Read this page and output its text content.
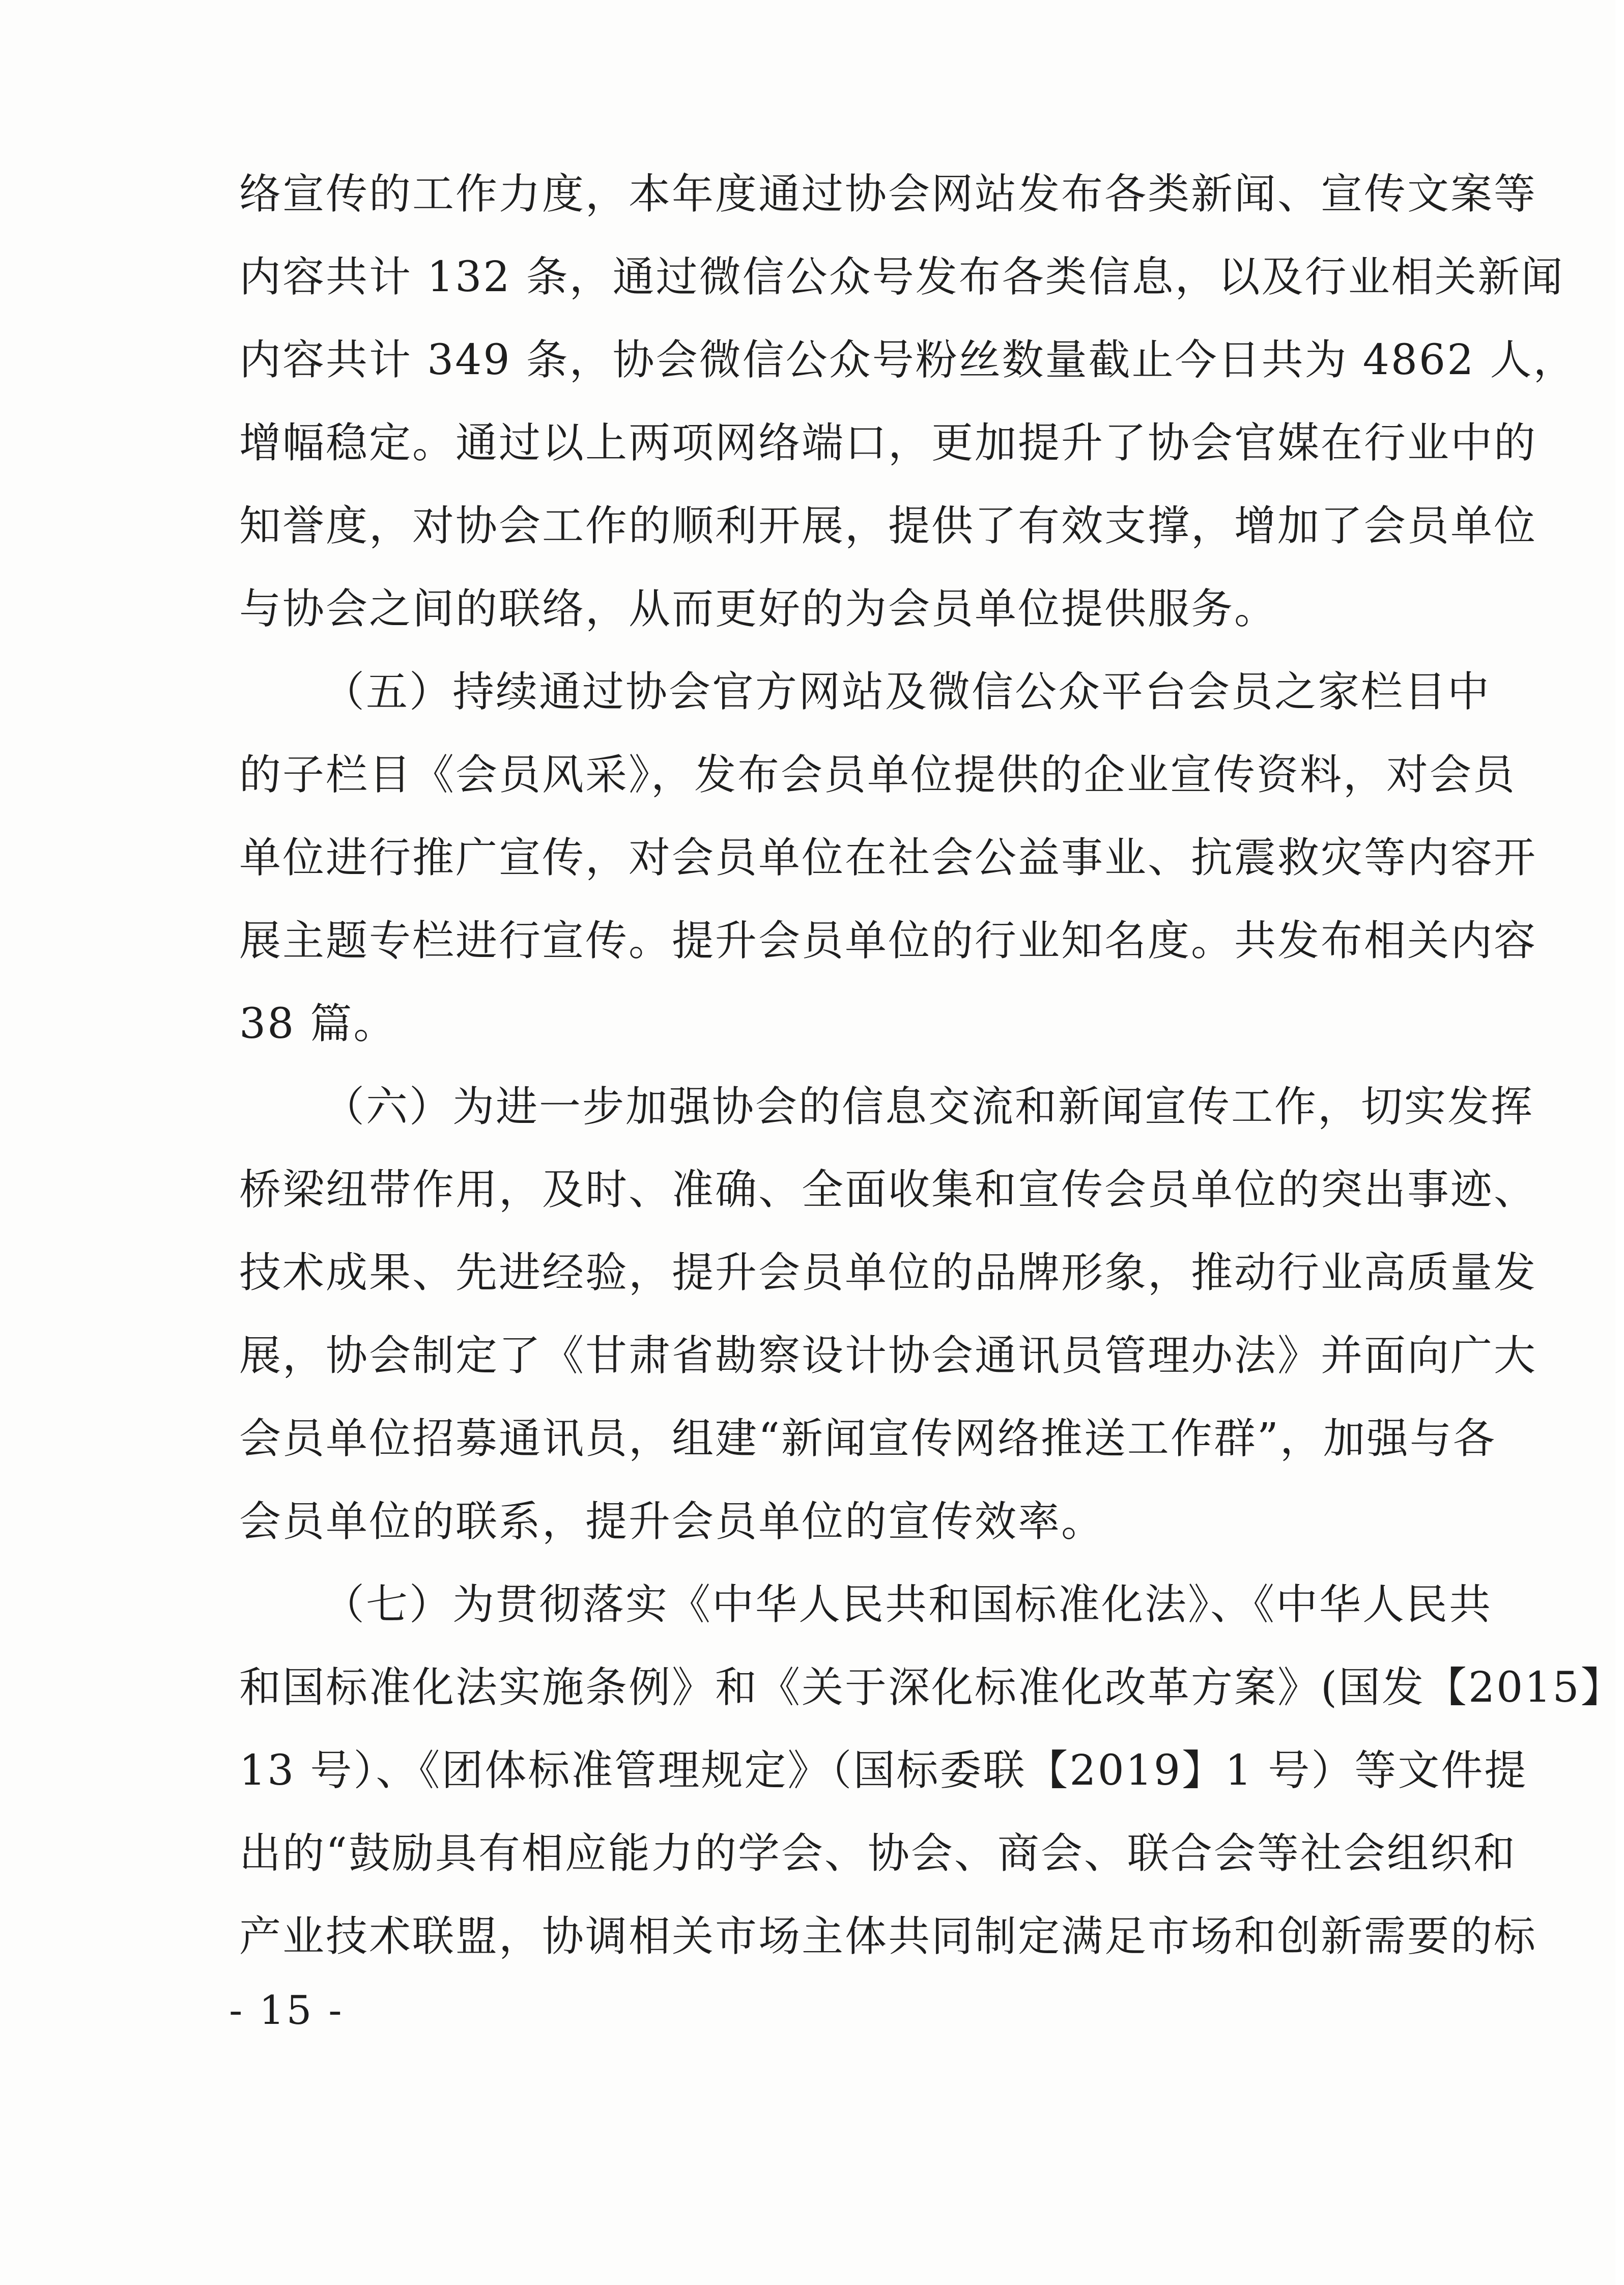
络宣传的工作力度，本年度通过协会网站发布各类新闻、宣传文案等
内容共计 132 条，通过微信公众号发布各类信息，以及行业相关新闻
内容共计 349 条，协会微信公众号粉丝数量截止今日共为 4862 人，
增幅稳定。通过以上两项网络端口，更加提升了协会官媒在行业中的
知誉度，对协会工作的顺利开展，提供了有效支撑，增加了会员单位
与协会之间的联络，从而更好的为会员单位提供服务。
（五）持续通过协会官方网站及微信公众平台会员之家栏目中
的子栏目《会员风采》，发布会员单位提供的企业宣传资料，对会员
单位进行推广宣传，对会员单位在社会公益事业、抗震救灾等内容开
展主题专栏进行宣传。提升会员单位的行业知名度。共发布相关内容
38 篇。
（六）为进一步加强协会的信息交流和新闻宣传工作，切实发挥
桥梁纽带作用，及时、准确、全面收集和宣传会员单位的突出事迹、
技术成果、先进经验，提升会员单位的品牌形象，推动行业高质量发
展，协会制定了《甘肃省勘察设计协会通讯员管理办法》并面向广大
会员单位招募通讯员，组建“新闻宣传网络推送工作群”，加强与各
会员单位的联系，提升会员单位的宣传效率。
（七）为贯彻落实《中华人民共和国标准化法》、《中华人民共
和国标准化法实施条例》和《关于深化标准化改革方案》(国发【2015】
13 号）、《团体标准管理规定》（国标委联【2019】1 号）等文件提
出的“鼓励具有相应能力的学会、协会、商会、联合会等社会组织和
产业技术联盟，协调相关市场主体共同制定满足市场和创新需要的标
- 15 -
